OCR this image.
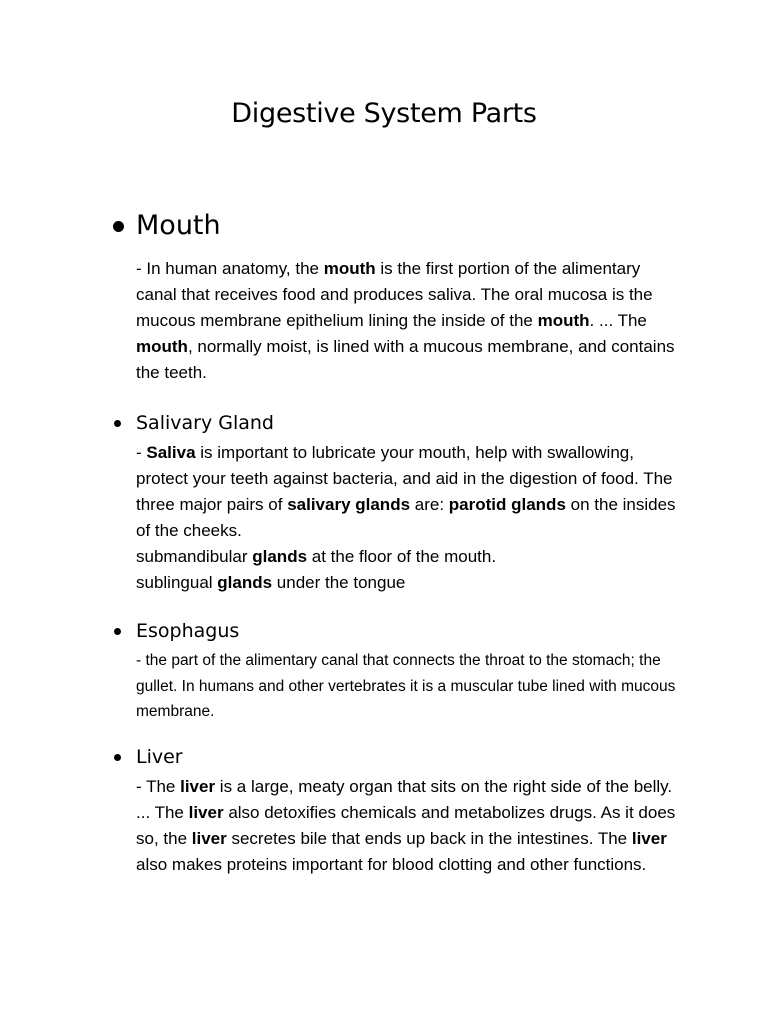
Digestive System Parts
Mouth
- In human anatomy, the mouth is the first portion of the alimentary canal that receives food and produces saliva. The oral mucosa is the mucous membrane epithelium lining the inside of the mouth. ... The mouth, normally moist, is lined with a mucous membrane, and contains the teeth.
Salivary Gland
- Saliva is important to lubricate your mouth, help with swallowing, protect your teeth against bacteria, and aid in the digestion of food. The three major pairs of salivary glands are: parotid glands on the insides of the cheeks.
submandibular glands at the floor of the mouth.
sublingual glands under the tongue
Esophagus
- the part of the alimentary canal that connects the throat to the stomach; the gullet. In humans and other vertebrates it is a muscular tube lined with mucous membrane.
Liver
- The liver is a large, meaty organ that sits on the right side of the belly. ... The liver also detoxifies chemicals and metabolizes drugs. As it does so, the liver secretes bile that ends up back in the intestines. The liver also makes proteins important for blood clotting and other functions.
